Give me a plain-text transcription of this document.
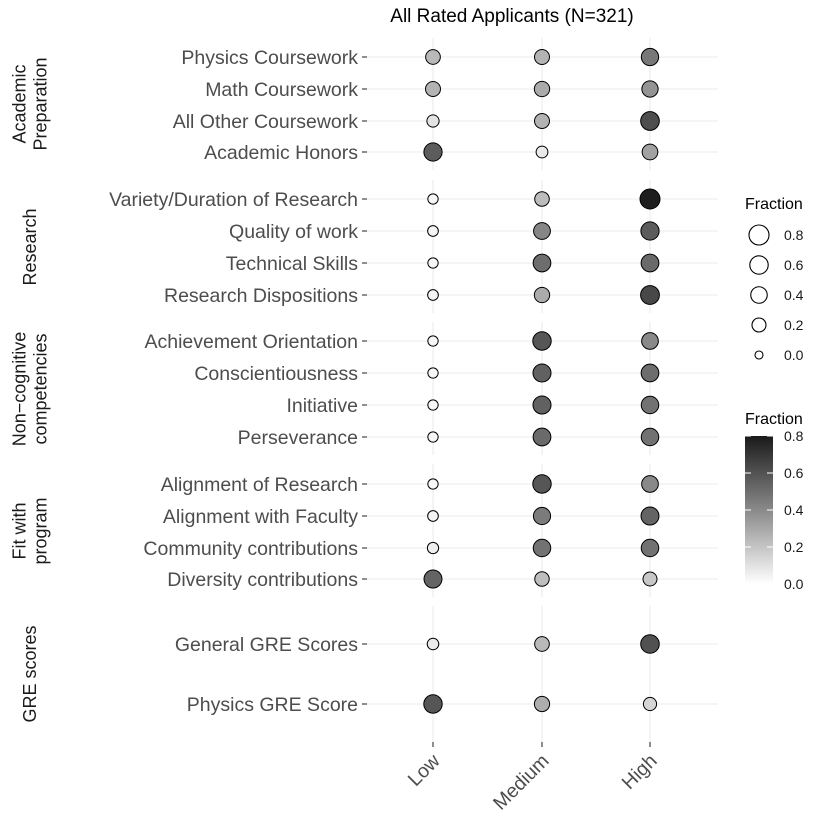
All Rated Applicants (N=321)
Physics Coursework
Math Coursework
All Other Coursework
Academic Honors
Variety/Duration of Research
Quality of work
Technical Skills
Research Dispositions
Achievement Orientation
Conscientiousness
Initiative
Perseverance
Alignment of Research
Alignment with Faculty
Community contributions
Diversity contributions
General GRE Scores
Physics GRE Score
AcademicPreparation
Research
Non−cognitivecompetencies
Fit withprogram
GRE scores
Low Medium	High
Fraction
0.8
0.6
0.4
0.2
0.0
Fraction
0.8
0.6
0.4
0.2
0.0
